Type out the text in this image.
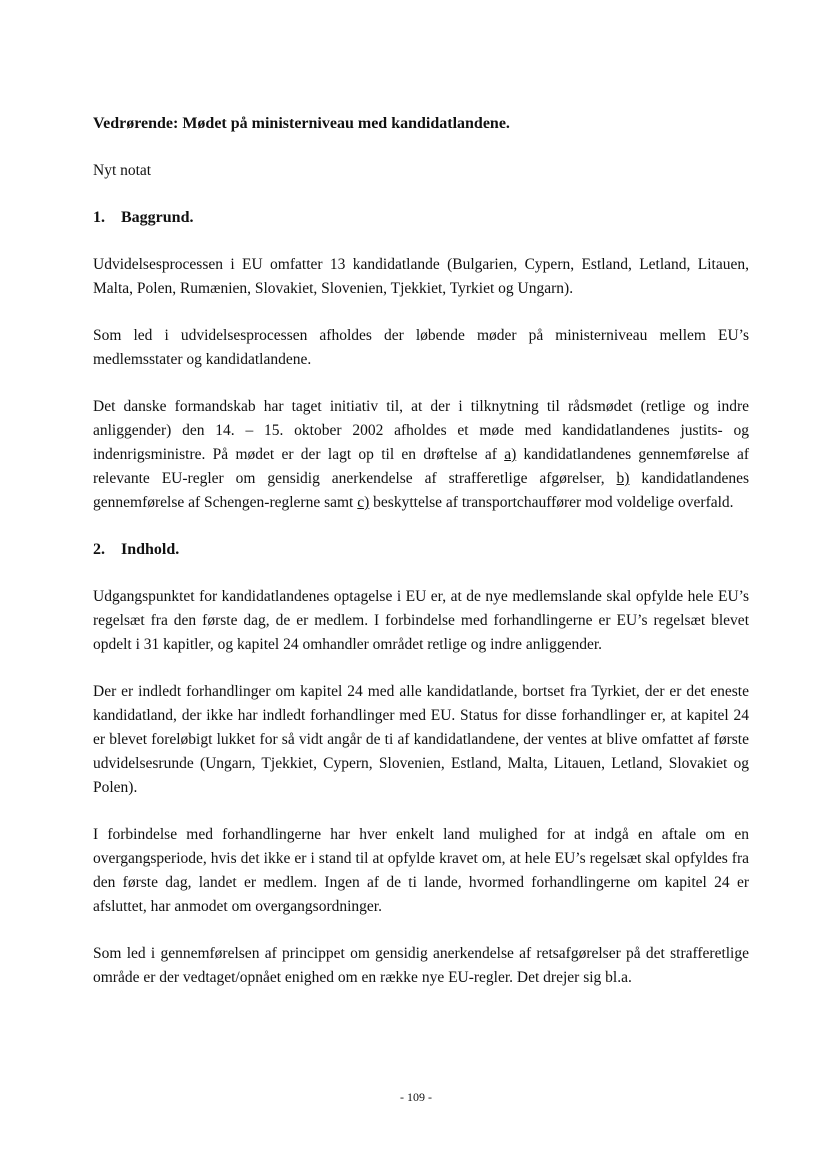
Vedrørende: Mødet på ministerniveau med kandidatlandene.
Nyt notat
1. Baggrund.

Udvidelsesprocessen i EU omfatter 13 kandidatlande (Bulgarien, Cypern, Estland, Letland, Litauen, Malta, Polen, Rumænien, Slovakiet, Slovenien, Tjekkiet, Tyrkiet og Ungarn).

Som led i udvidelsesprocessen afholdes der løbende møder på ministerniveau mellem EU’s medlemsstater og kandidatlandene.

Det danske formandskab har taget initiativ til, at der i tilknytning til rådsmødet (retlige og indre anliggender) den 14. – 15. oktober 2002 afholdes et møde med kandidatlandenes justits- og indenrigsministre. På mødet er der lagt op til en drøftelse af a) kandidatlandenes gennemførelse af relevante EU-regler om gensidig anerkendelse af strafferetlige afgørelser, b) kandidatlandenes gennemførelse af Schengen-reglerne samt c) beskyttelse af transportchauffører mod voldelige overfald.

2. Indhold.

Udgangspunktet for kandidatlandenes optagelse i EU er, at de nye medlemslande skal opfylde hele EU’s regelsæt fra den første dag, de er medlem. I forbindelse med forhandlingerne er EU’s regelsæt blevet opdelt i 31 kapitler, og kapitel 24 omhandler området retlige og indre anliggender.

Der er indledt forhandlinger om kapitel 24 med alle kandidatlande, bortset fra Tyrkiet, der er det eneste kandidatland, der ikke har indledt forhandlinger med EU. Status for disse forhandlinger er, at kapitel 24 er blevet foreløbigt lukket for så vidt angår de ti af kandidatlandene, der ventes at blive omfattet af første udvidelsesrunde (Ungarn, Tjekkiet, Cypern, Slovenien, Estland, Malta, Litauen, Letland, Slovakiet og Polen).

I forbindelse med forhandlingerne har hver enkelt land mulighed for at indgå en aftale om en overgangsperiode, hvis det ikke er i stand til at opfylde kravet om, at hele EU’s regelsæt skal opfyldes fra den første dag, landet er medlem. Ingen af de ti lande, hvormed forhandlingerne om kapitel 24 er afsluttet, har anmodet om overgangsordninger.

Som led i gennemførelsen af princippet om gensidig anerkendelse af retsafgørelser på det strafferetlige område er der vedtaget/opnået enighed om en række nye EU-regler. Det drejer sig bl.a.

- 109 -
